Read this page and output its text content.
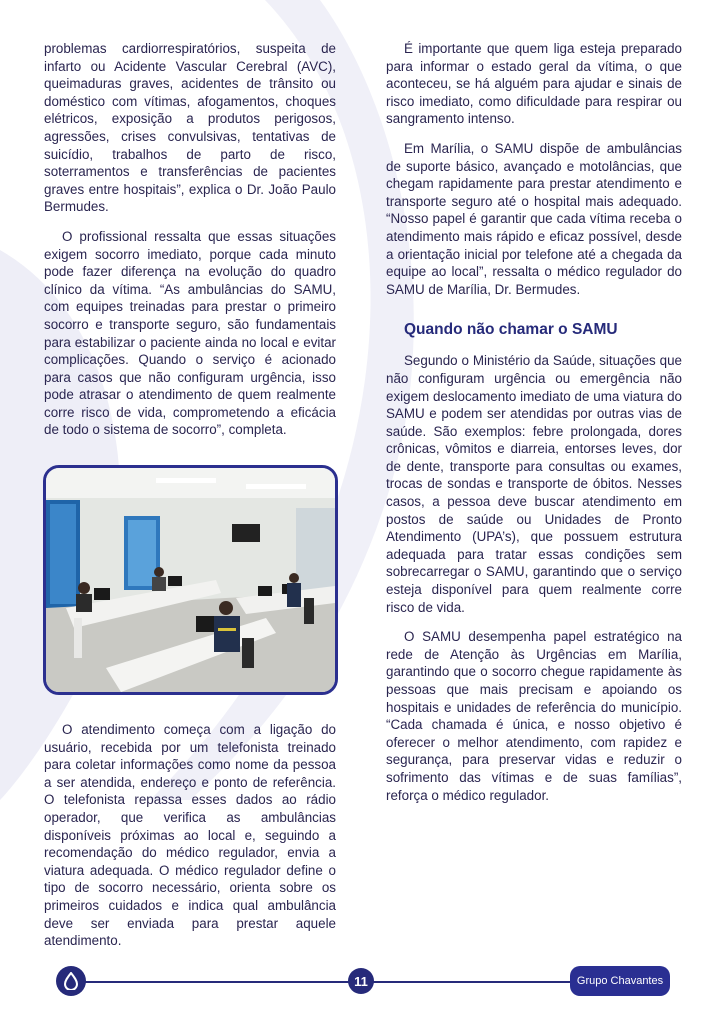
problemas cardiorrespiratórios, suspeita de infarto ou Acidente Vascular Cerebral (AVC), queimaduras graves, acidentes de trânsito ou doméstico com vítimas, afogamentos, choques elétricos, exposição a produtos perigosos, agressões, crises convulsivas, tentativas de suicídio, trabalhos de parto de risco, soterramentos e transferências de pacientes graves entre hospitais”, explica o Dr. João Paulo Bermudes.

O profissional ressalta que essas situações exigem socorro imediato, porque cada minuto pode fazer diferença na evolução do quadro clínico da vítima. “As ambulâncias do SAMU, com equipes treinadas para prestar o primeiro socorro e transporte seguro, são fundamentais para estabilizar o paciente ainda no local e evitar complicações. Quando o serviço é acionado para casos que não configuram urgência, isso pode atrasar o atendimento de quem realmente corre risco de vida, comprometendo a eficácia de todo o sistema de socorro”, completa.

O atendimento começa com a ligação do usuário, recebida por um telefonista treinado para coletar informações como nome da pessoa a ser atendida, endereço e ponto de referência. O telefonista repassa esses dados ao rádio operador, que verifica as ambulâncias disponíveis próximas ao local e, seguindo a recomendação do médico regulador, envia a viatura adequada. O médico regulador define o tipo de socorro necessário, orienta sobre os primeiros cuidados e indica qual ambulância deve ser enviada para prestar aquele atendimento.

É importante que quem liga esteja preparado para informar o estado geral da vítima, o que aconteceu, se há alguém para ajudar e sinais de risco imediato, como dificuldade para respirar ou sangramento intenso.

Em Marília, o SAMU dispõe de ambulâncias de suporte básico, avançado e motolâncias, que chegam rapidamente para prestar atendimento e transporte seguro até o hospital mais adequado. “Nosso papel é garantir que cada vítima receba o atendimento mais rápido e eficaz possível, desde a orientação inicial por telefone até a chegada da equipe ao local”, ressalta o médico regulador do SAMU de Marília, Dr. Bermudes.

Quando não chamar o SAMU

Segundo o Ministério da Saúde, situações que não configuram urgência ou emergência não exigem deslocamento imediato de uma viatura do SAMU e podem ser atendidas por outras vias de saúde. São exemplos: febre prolongada, dores crônicas, vômitos e diarreia, entorses leves, dor de dente, transporte para consultas ou exames, trocas de sondas e transporte de óbitos. Nesses casos, a pessoa deve buscar atendimento em postos de saúde ou Unidades de Pronto Atendimento (UPA’s), que possuem estrutura adequada para tratar essas condições sem sobrecarregar o SAMU, garantindo que o serviço esteja disponível para quem realmente corre risco de vida.

O SAMU desempenha papel estratégico na rede de Atenção às Urgências em Marília, garantindo que o socorro chegue rapidamente às pessoas que mais precisam e apoiando os hospitais e unidades de referência do município. “Cada chamada é única, e nosso objetivo é oferecer o melhor atendimento, com rapidez e segurança, para preservar vidas e reduzir o sofrimento das vítimas e de suas famílias”, reforça o médico regulador.

11	Grupo Chavantes
